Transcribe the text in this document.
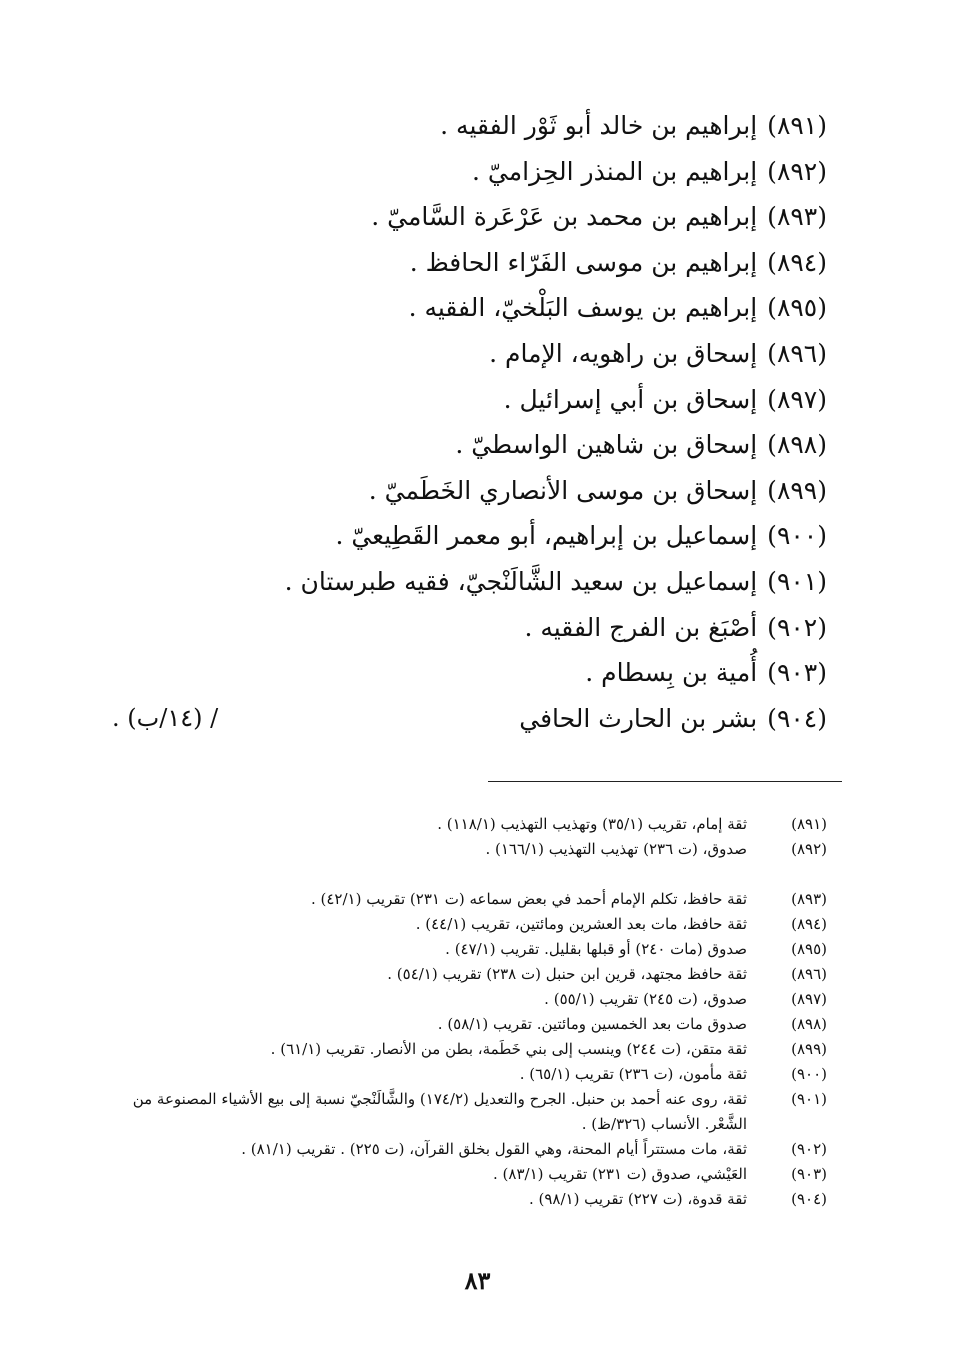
(٨٩١)إبراهيم بن خالد أبو ثَوْر الفقيه .
(٨٩٢)إبراهيم بن المنذر الحِزاميّ .
(٨٩٣)إبراهيم بن محمد بن عَرْعَرة السَّاميّ .
(٨٩٤)إبراهيم بن موسى الفَرّاء الحافظ .
(٨٩٥)إبراهيم بن يوسف البَلْخيّ، الفقيه .
(٨٩٦)إسحاق بن راهويه، الإمام .
(٨٩٧)إسحاق بن أبي إسرائيل .
(٨٩٨)إسحاق بن شاهين الواسطيّ .
(٨٩٩)إسحاق بن موسى الأنصاري الخَطَميّ .
(٩٠٠)إسماعيل بن إبراهيم، أبو معمر القَطِيعيّ .
(٩٠١)إسماعيل بن سعيد الشَّالَنْجيّ، فقيه طبرستان .
(٩٠٢)أصْبَغ بن الفرج الفقيه .
(٩٠٣)أُمية بن بِسطام .
(٩٠٤)بشر بن الحارث الحافي
/ (١٤/ب) .
(٨٩١)
ثقة إمام، تقريب (٣٥/١) وتهذيب التهذيب (١١٨/١) .
(٨٩٢)
صدوق، (ت ٢٣٦) تهذيب التهذيب (١٦٦/١) .
(٨٩٣)
ثقة حافظ، تكلم الإمام أحمد في بعض سماعه (ت ٢٣١) تقريب (٤٢/١) .
(٨٩٤)
ثقة حافظ، مات بعد العشرين ومائتين، تقريب (٤٤/١) .
(٨٩٥)
صدوق (مات ٢٤٠) أو قبلها بقليل. تقريب (٤٧/١) .
(٨٩٦)
ثقة حافظ مجتهد، قرين ابن حنبل (ت ٢٣٨) تقريب (٥٤/١) .
(٨٩٧)
صدوق، (ت ٢٤٥) تقريب (٥٥/١) .
(٨٩٨)
صدوق مات بعد الخمسين ومائتين. تقريب (٥٨/١) .
(٨٩٩)
ثقة متقن، (ت ٢٤٤) وينسب إلى بني خَطَمة، بطن من الأنصار. تقريب (٦١/١) .
(٩٠٠)
ثقة مأمون، (ت ٢٣٦) تقريب (٦٥/١) .
(٩٠١)
ثقة، روى عنه أحمد بن حنبل. الجرح والتعديل (١٧٤/٢) والشَّالَنْجيّ نسبة إلى بيع الأشياء المصنوعة من الشَّعْر. الأنساب (٣٢٦/ظ) .
(٩٠٢)
ثقة، مات مستتراً أيام المحنة، وهي القول بخلق القرآن، (ت ٢٢٥) . تقريب (٨١/١) .
(٩٠٣)
العَيْشي، صدوق (ت ٢٣١) تقريب (٨٣/١) .
(٩٠٤)
ثقة قدوة، (ت ٢٢٧) تقريب (٩٨/١) .
٨٣
